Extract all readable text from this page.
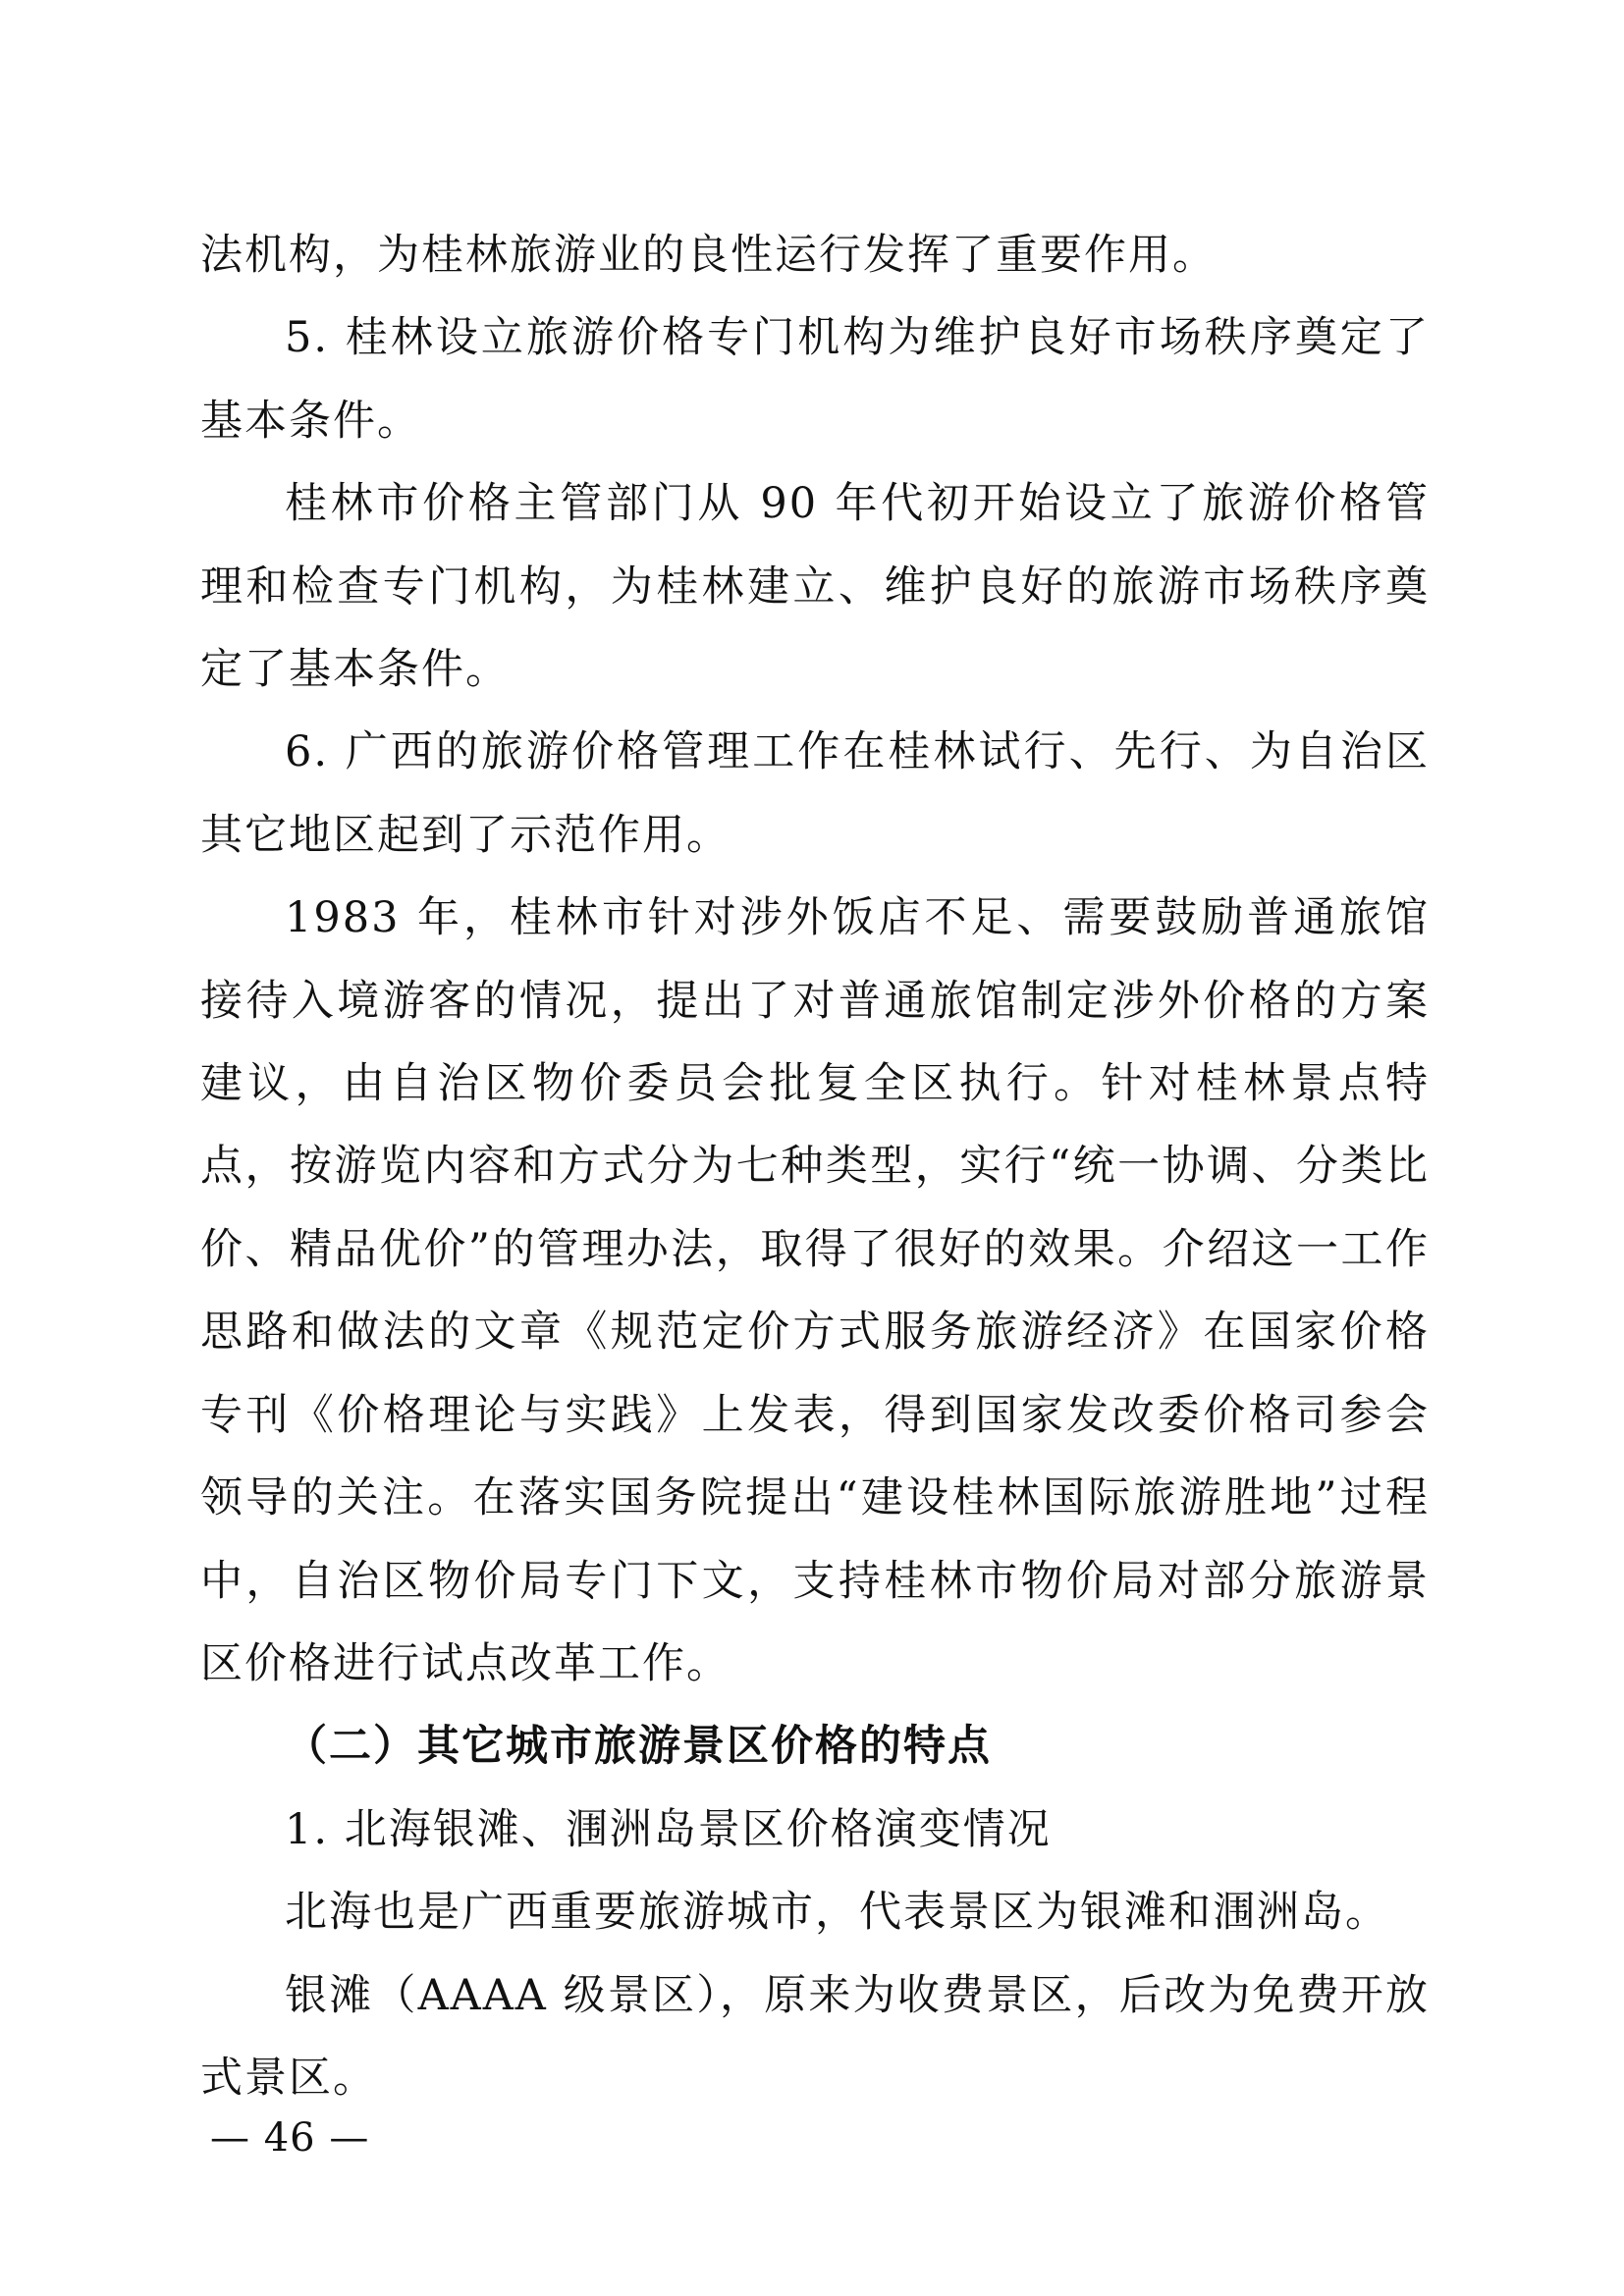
法机构，为桂林旅游业的良性运行发挥了重要作用。

5. 桂林设立旅游价格专门机构为维护良好市场秩序奠定了基本条件。

桂林市价格主管部门从 90 年代初开始设立了旅游价格管理和检查专门机构，为桂林建立、维护良好的旅游市场秩序奠定了基本条件。

6. 广西的旅游价格管理工作在桂林试行、先行、为自治区其它地区起到了示范作用。

1983 年，桂林市针对涉外饭店不足、需要鼓励普通旅馆接待入境游客的情况，提出了对普通旅馆制定涉外价格的方案建议，由自治区物价委员会批复全区执行。针对桂林景点特点，按游览内容和方式分为七种类型，实行“统一协调、分类比价、精品优价”的管理办法，取得了很好的效果。介绍这一工作思路和做法的文章《规范定价方式服务旅游经济》在国家价格专刊《价格理论与实践》上发表，得到国家发改委价格司参会领导的关注。在落实国务院提出“建设桂林国际旅游胜地”过程中，自治区物价局专门下文，支持桂林市物价局对部分旅游景区价格进行试点改革工作。

（二）其它城市旅游景区价格的特点

1. 北海银滩、涠洲岛景区价格演变情况

北海也是广西重要旅游城市，代表景区为银滩和涠洲岛。

银滩（AAAA 级景区），原来为收费景区，后改为免费开放式景区。

— 46 —
